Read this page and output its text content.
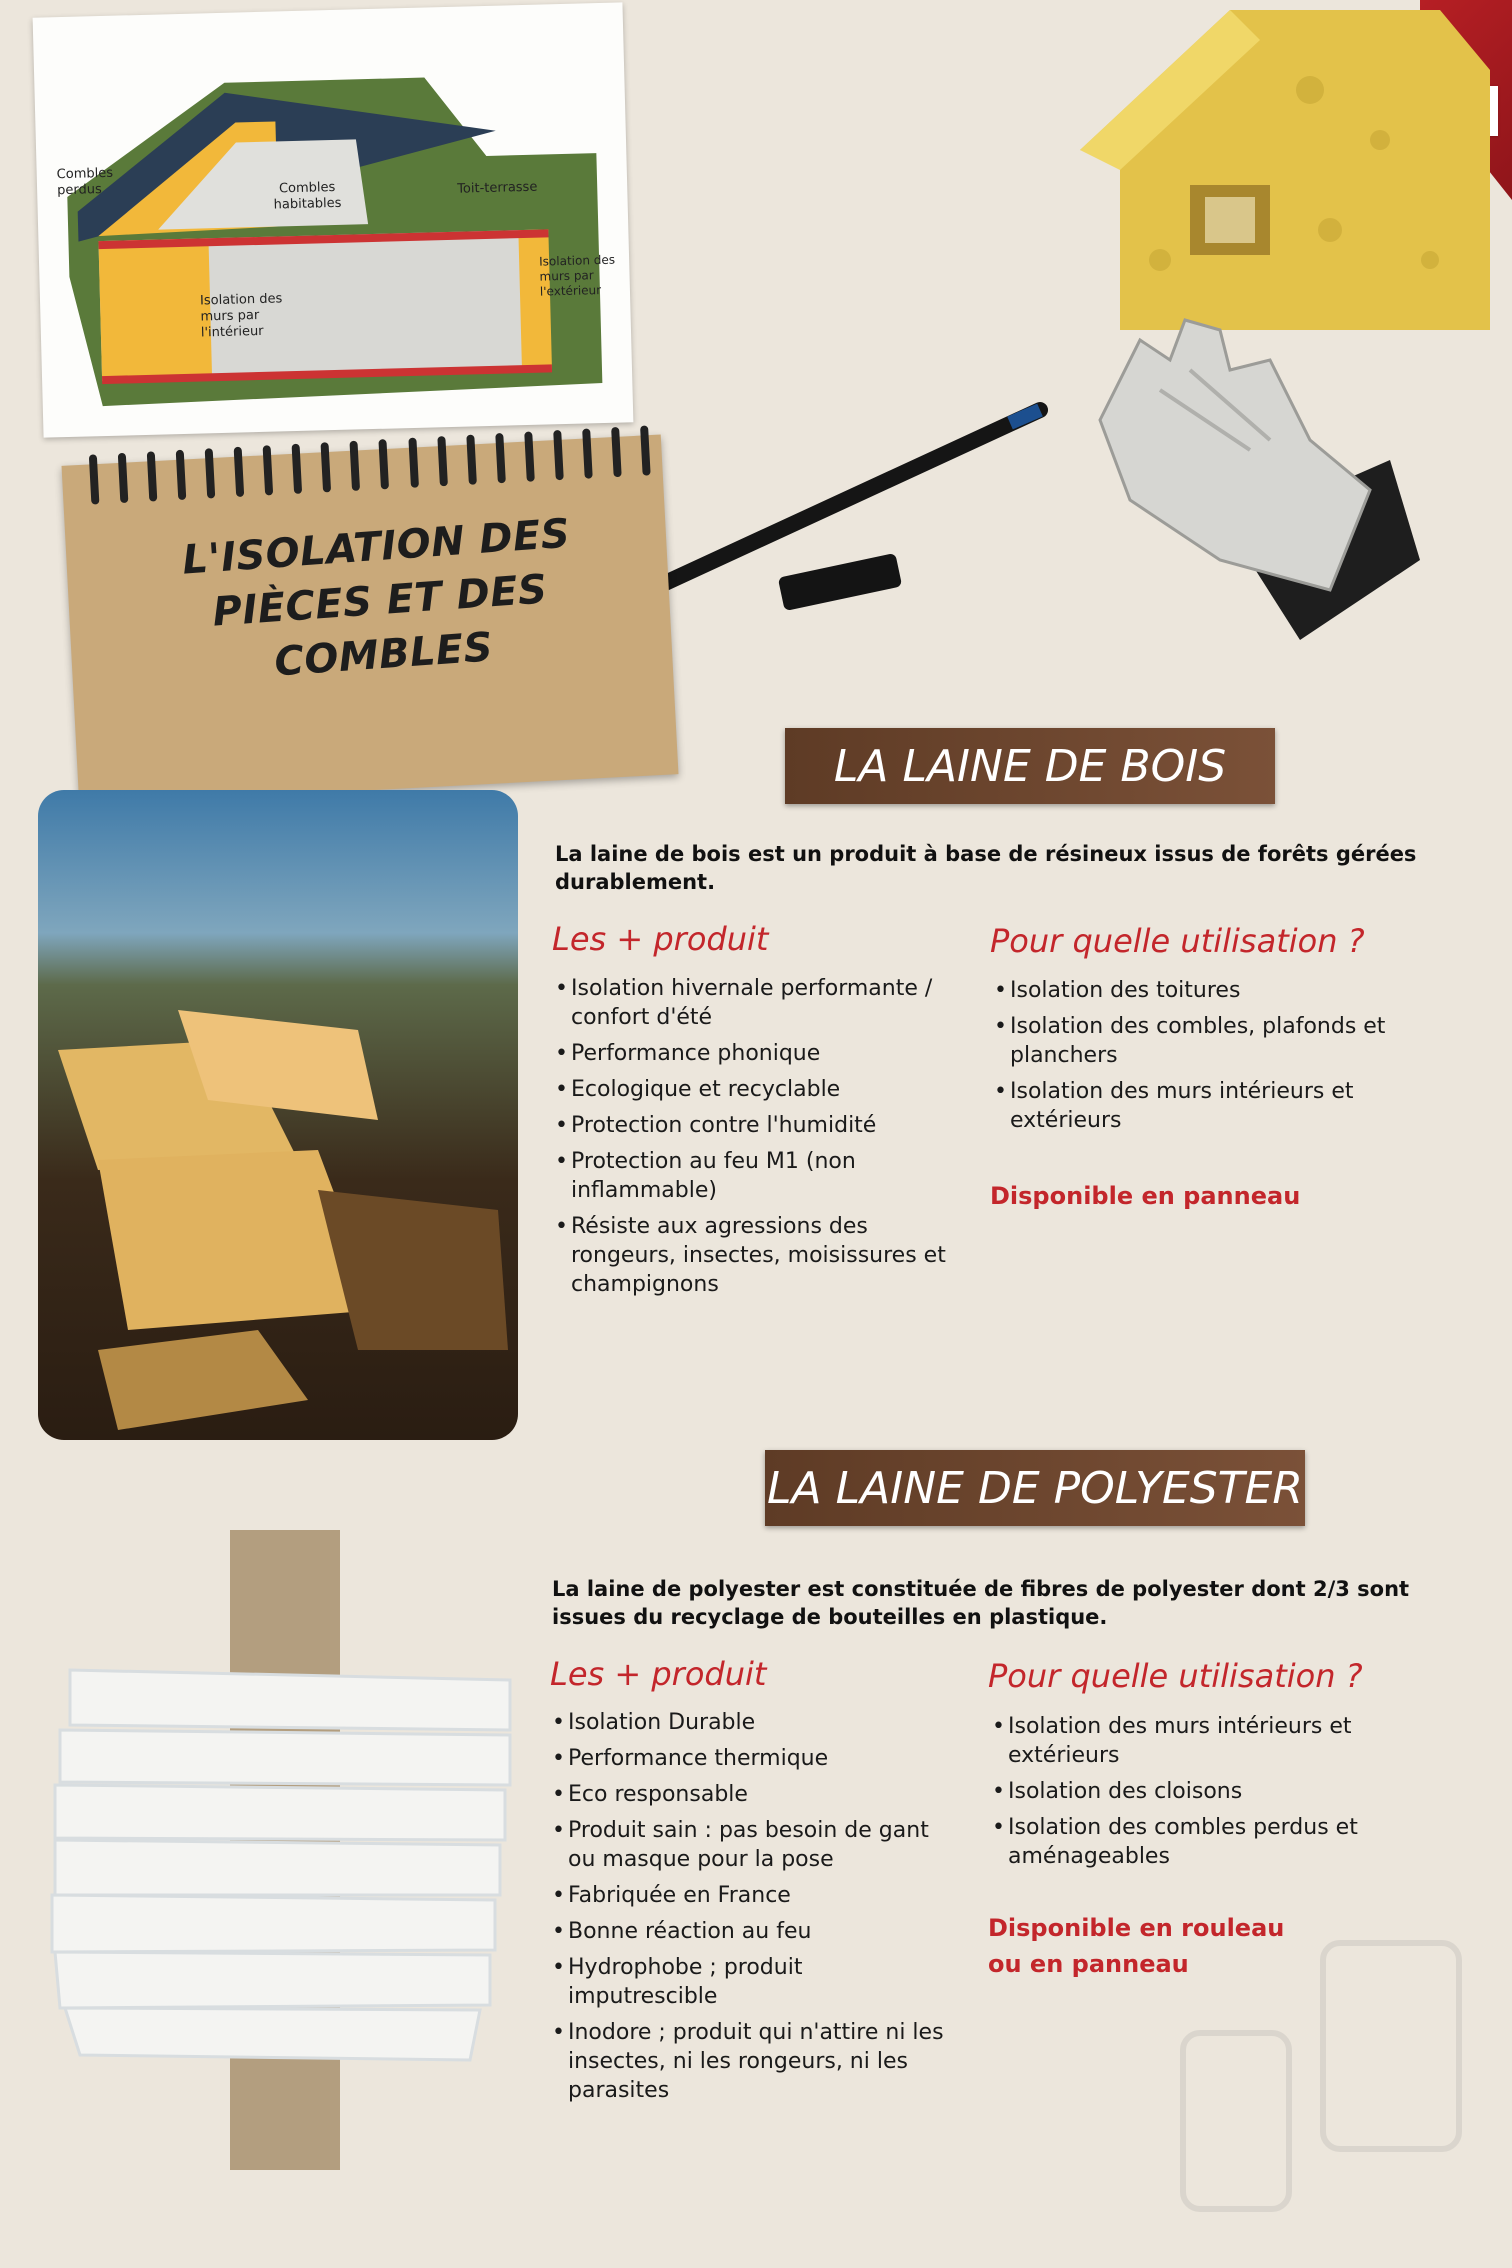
Combles perdus	Combles habitables
Toit-terrasse
Isolation des murs par l'intérieur
Isolation des murs par l'extérieur
L'ISOLATION DES
PIÈCES ET DES COMBLES
LA LAINE DE BOIS
La laine de bois est un produit à base de résineux issus de forêts gérées durablement.
Les + produit
• Isolation hivernale performante / confort d'été
• Performance phonique
• Ecologique et recyclable
• Protection contre l'humidité
• Protection au feu M1 (non inflammable)
• Résiste aux agressions des rongeurs, insectes, moisissures et champignons
Pour quelle utilisation ?
• Isolation des toitures
• Isolation des combles, plafonds et planchers
• Isolation des murs intérieurs et extérieurs
Disponible en panneau
LA LAINE DE POLYESTER
La laine de polyester est constituée de fibres de polyester dont 2/3 sont issues du recyclage de bouteilles en plastique.
Les + produit
• Isolation Durable
• Performance thermique
• Eco responsable
• Produit sain : pas besoin de gant ou masque pour la pose
• Fabriquée en France
• Bonne réaction au feu
• Hydrophobe ; produit imputrescible
• Inodore ; produit qui n'attire ni les insectes, ni les rongeurs, ni les parasites
Pour quelle utilisation ?
• Isolation des murs intérieurs et extérieurs
• Isolation des cloisons
• Isolation des combles perdus et aménageables
Disponible en rouleau
ou en panneau
